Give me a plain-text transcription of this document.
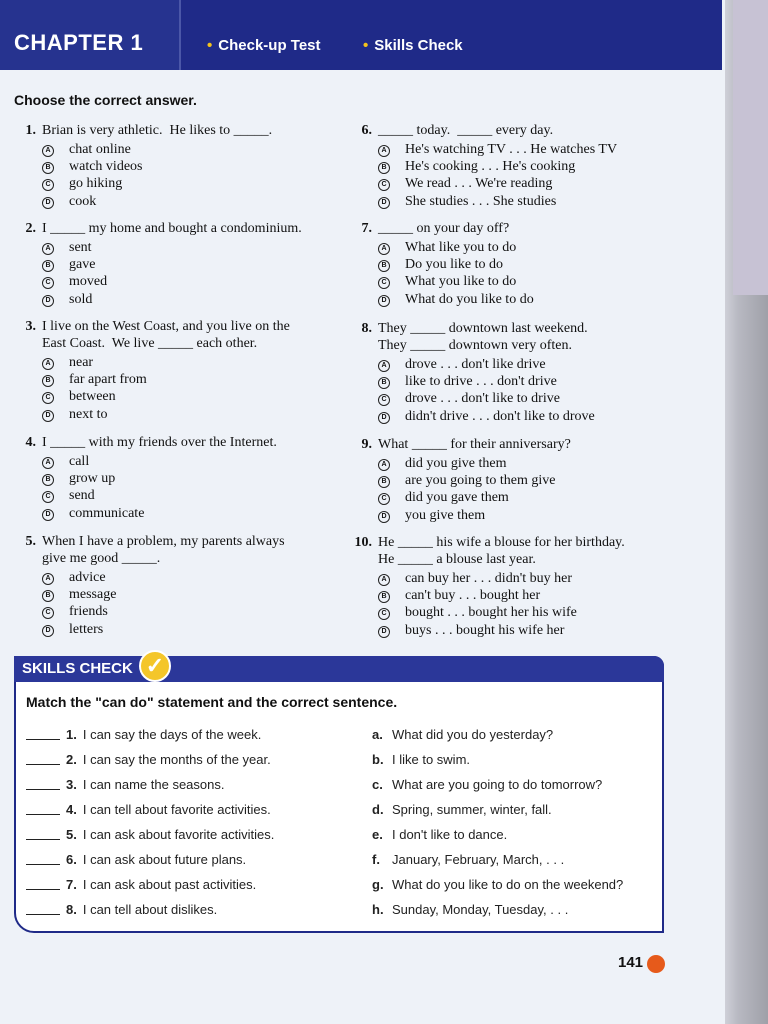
CHAPTER 1	• Check-up Test	• Skills Check
Choose the correct answer.
1. Brian is very athletic.  He likes to _____.
A chat online
B watch videos
C go hiking
D cook
2. I _____ my home and bought a condominium.
A sent
B gave
C moved
D sold
3. I live on the West Coast, and you live on the
East Coast.  We live _____ each other.
A near
B far apart from
C between
D next to
4. I _____ with my friends over the Internet.
A call
B grow up
C send
D communicate
5. When I have a problem, my parents always
give me good _____.
A advice
B message
C friends
D letters
6. _____ today.  _____ every day.
A He's watching TV . . . He watches TV
B He's cooking . . . He's cooking
C We read . . . We're reading
D She studies . . . She studies
7. _____ on your day off?
A What like you to do
B Do you like to do
C What you like to do
D What do you like to do
8. They _____ downtown last weekend.
They _____ downtown very often.
A drove . . . don't like drive
B like to drive . . . don't drive
C drove . . . don't like to drive
D didn't drive . . . don't like to drove
9. What _____ for their anniversary?
A did you give them
B are you going to them give
C did you gave them
D you give them
10. He _____ his wife a blouse for her birthday.
He _____ a blouse last year.
A can buy her . . . didn't buy her
B can't buy . . . bought her
C bought . . . bought her his wife
D buys . . . bought his wife her
SKILLS CHECK ✓
Match the "can do" statement and the correct sentence.
1. I can say the days of the week.	a. What did you do yesterday?
2. I can say the months of the year.	b. I like to swim.
3. I can name the seasons.	c. What are you going to do tomorrow?
4. I can tell about favorite activities.	d. Spring, summer, winter, fall.
5. I can ask about favorite activities.	e. I don't like to dance.
6. I can ask about future plans.	f. January, February, March, . . .
7. I can ask about past activities.	g. What do you like to do on the weekend?
8. I can tell about dislikes.	h. Sunday, Monday, Tuesday, . . .
141
